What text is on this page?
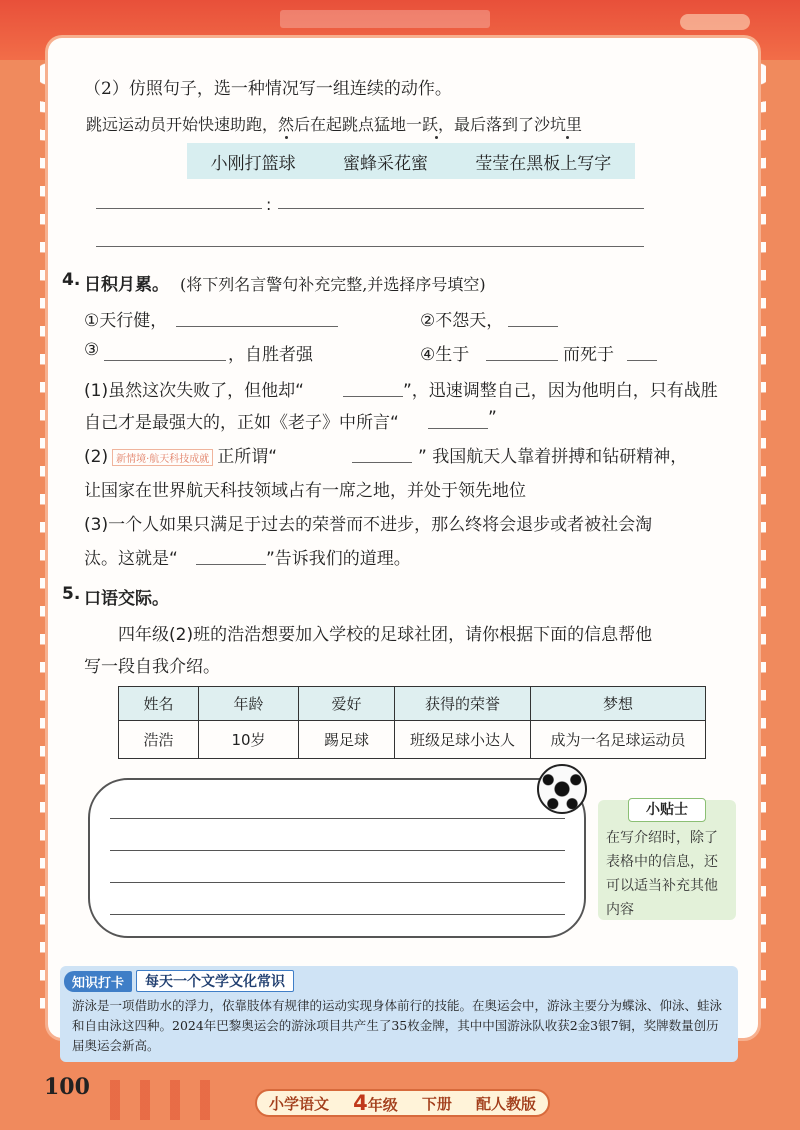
（2）仿照句子，选一种情况写一组连续的动作。
跳远运动员开始快速助跑，然后在起跳点猛地一跃，最后落到了沙坑里
小刚打篮球	蜜蜂采花蜜	莹莹在黑板上写字
:
4. 日积月累。 (将下列名言警句补充完整,并选择序号填空)
①天行健，	②不怨天，
③	，自胜者强	④生于	而死于
(1)虽然这次失败了，但他却“	”，迅速调整自己，因为他明白，只有战胜
自己才是最强大的，正如《老子》中所言“	”
(2) 新情境·航天科技成就 正所谓“	” 我国航天人靠着拼搏和钻研精神，
让国家在世界航天科技领域占有一席之地，并处于领先地位
(3)一个人如果只满足于过去的荣誉而不进步，那么终将会退步或者被社会淘
汰。这就是“	”告诉我们的道理。
5. 口语交际。
四年级(2)班的浩浩想要加入学校的足球社团，请你根据下面的信息帮他
写一段自我介绍。
姓名	年龄	爱好	获得的荣誉	梦想
浩浩	10岁	踢足球	班级足球小达人	成为一名足球运动员
小贴士
在写介绍时，除了表格中的信息，还可以适当补充其他内容
知识打卡	每天一个文学文化常识
游泳是一项借助水的浮力，依靠肢体有规律的运动实现身体前行的技能。在奥运会中，游泳主要分为蝶泳、仰泳、蛙泳和自由泳这四种。2024年巴黎奥运会的游泳项目共产生了35枚金牌，其中中国游泳队收获2金3银7铜，奖牌数量创历届奥运会新高。
100
小学语文 4年级 下册 配人教版
